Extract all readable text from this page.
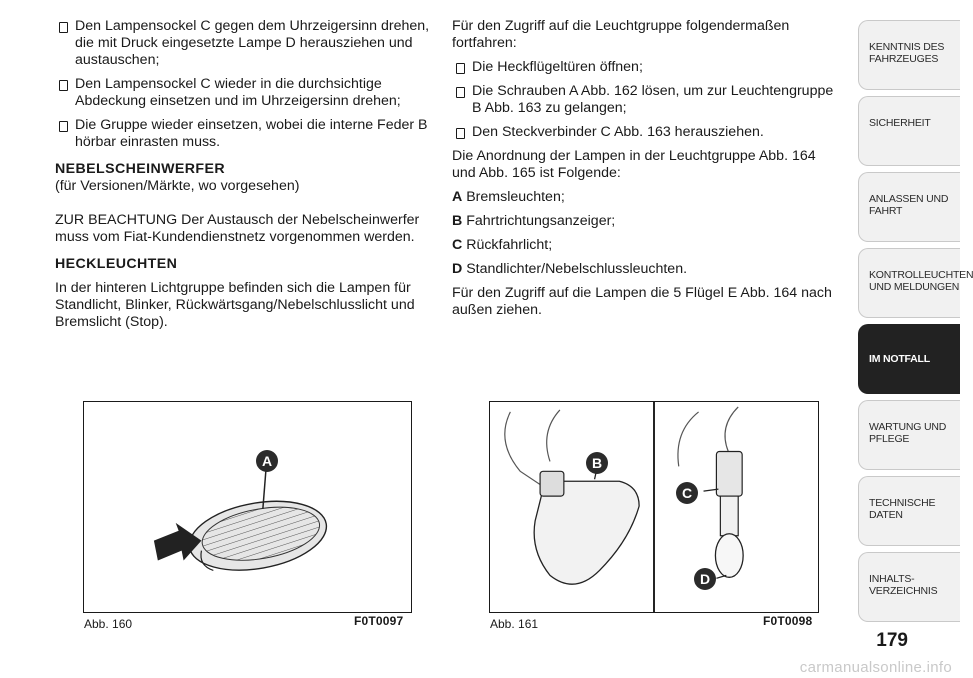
Den Lampensockel C gegen dem Uhrzeigersinn drehen, die mit Druck eingesetzte Lampe D herausziehen und austauschen;
Den Lampensockel C wieder in die durchsichtige Abdeckung einsetzen und im Uhrzeigersinn drehen;
Die Gruppe wieder einsetzen, wobei die interne Feder B hörbar einrasten muss.
NEBELSCHEINWERFER
(für Versionen/Märkte, wo vorgesehen)
ZUR BEACHTUNG Der Austausch der Nebelscheinwerfer muss vom Fiat-Kundendienstnetz vorgenommen werden.
HECKLEUCHTEN
In der hinteren Lichtgruppe befinden sich die Lampen für Standlicht, Blinker, Rückwärtsgang/Nebelschlusslicht und Bremslicht (Stop).
Für den Zugriff auf die Leuchtgruppe folgendermaßen fortfahren:
Die Heckflügeltüren öffnen;
Die Schrauben A Abb. 162 lösen, um zur Leuchtengruppe B Abb. 163 zu gelangen;
Den Steckverbinder C Abb. 163 herausziehen.
Die Anordnung der Lampen in der Leuchtgruppe Abb. 164 und Abb. 165 ist Folgende:
A Bremsleuchten;
B Fahrtrichtungsanzeiger;
C Rückfahrlicht;
D Standlichter/Nebelschlussleuchten.
Für den Zugriff auf die Lampen die 5 Flügel E Abb. 164 nach außen ziehen.
A
Abb. 160	F0T0097
B
C
D
Abb. 161	F0T0098
KENNTNIS DES FAHRZEUGES
SICHERHEIT
ANLASSEN UND FAHRT
KONTROLLEUCHTEN UND MELDUNGEN
IM NOTFALL
WARTUNG UND PFLEGE
TECHNISCHE DATEN
INHALTS-VERZEICHNIS
179
carmanualsonline.info
